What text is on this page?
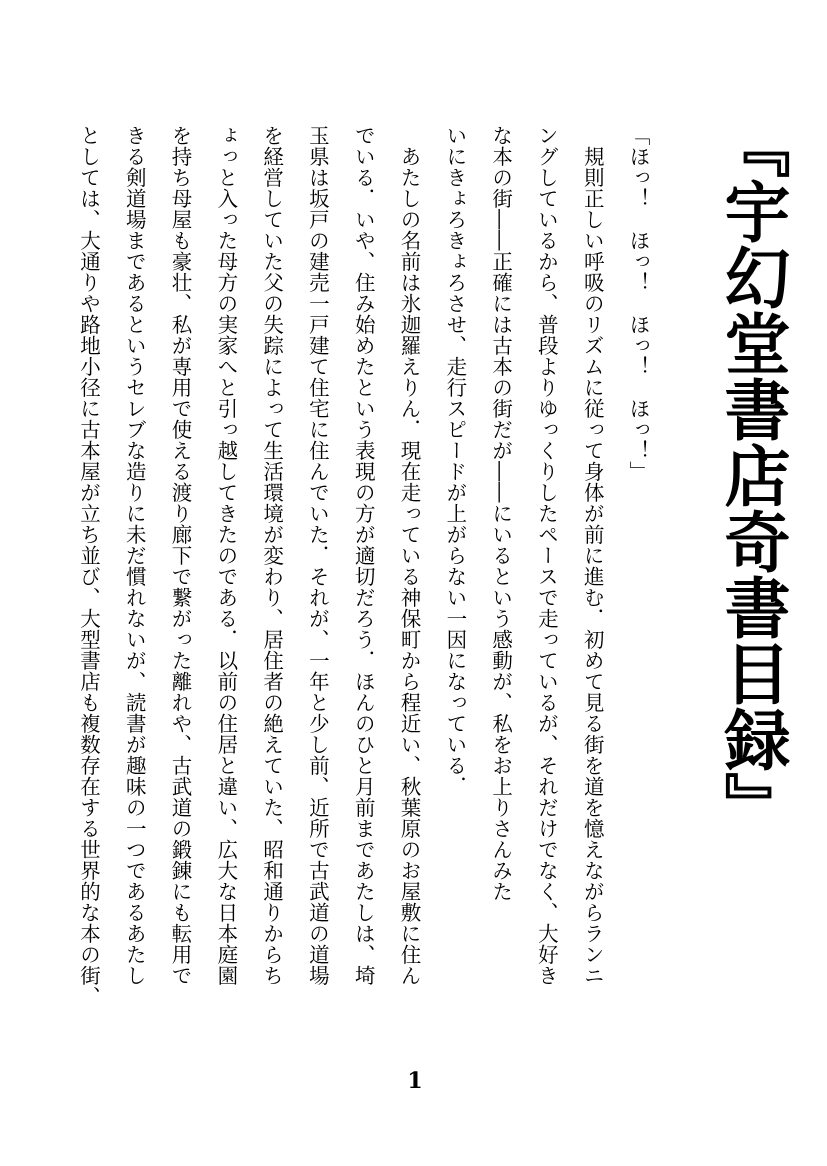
『宇幻堂書店奇書目録』
「ほっ！　ほっ！　ほっ！　ほっ！」
　規則正しい呼吸のリズムに従って身体が前に進む．初めて見る街を道を憶えながらランニ
ングしているから、普段よりゆっくりしたペースで走っているが、それだけでなく、大好き
な本の街――正確には古本の街だが――にいるという感動が、私をお上りさんみた
いにきょろきょろさせ、走行スピードが上がらない一因になっている．
　あたしの名前は氷迦羅えりん．現在走っている神保町から程近い、秋葉原のお屋敷に住ん
でいる．いや、住み始めたという表現の方が適切だろう．ほんのひと月前まであたしは、埼
玉県は坂戸の建売一戸建て住宅に住んでいた．それが、一年と少し前、近所で古武道の道場
を経営していた父の失踪によって生活環境が変わり、居住者の絶えていた、昭和通りからち
ょっと入った母方の実家へと引っ越してきたのである．以前の住居と違い、広大な日本庭園
を持ち母屋も豪壮、私が専用で使える渡り廊下で繋がった離れや、古武道の鍛錬にも転用で
きる剣道場まであるというセレブな造りに未だ慣れないが、読書が趣味の一つであるあたし
としては、大通りや路地小径に古本屋が立ち並び、大型書店も複数存在する世界的な本の街、
1
